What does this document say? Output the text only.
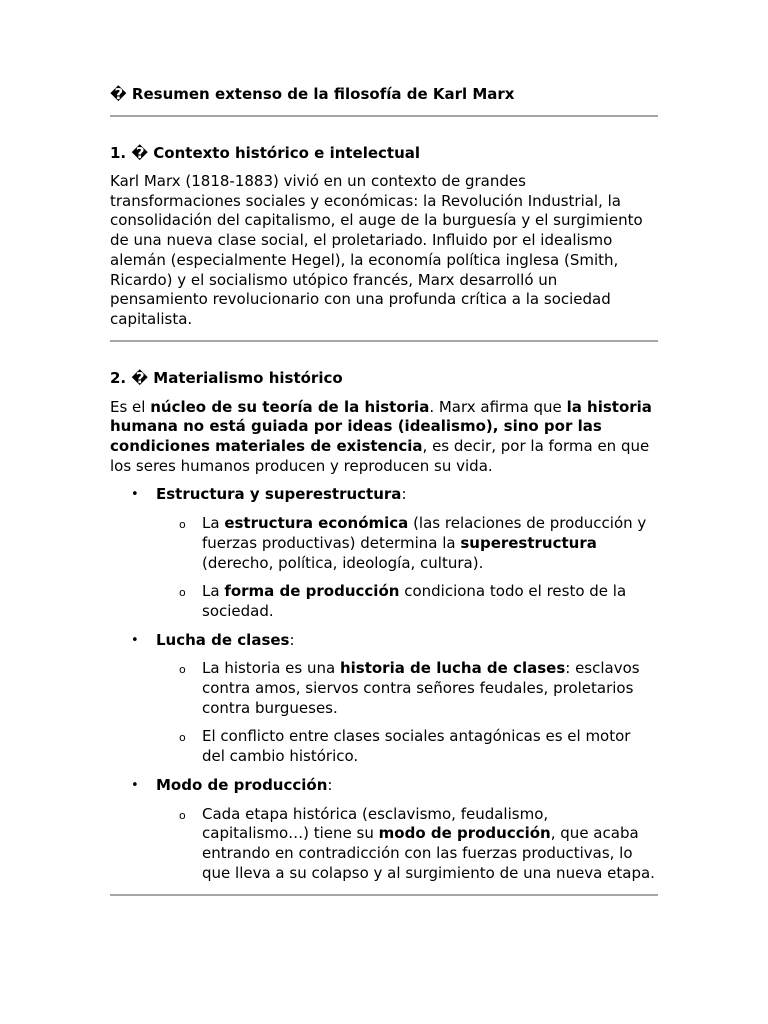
� Resumen extenso de la filosofía de Karl Marx

1. � Contexto histórico e intelectual

Karl Marx (1818-1883) vivió en un contexto de grandes transformaciones sociales y económicas: la Revolución Industrial, la consolidación del capitalismo, el auge de la burguesía y el surgimiento de una nueva clase social, el proletariado. Influido por el idealismo alemán (especialmente Hegel), la economía política inglesa (Smith, Ricardo) y el socialismo utópico francés, Marx desarrolló un pensamiento revolucionario con una profunda crítica a la sociedad capitalista.

2. � Materialismo histórico

Es el núcleo de su teoría de la historia. Marx afirma que la historia humana no está guiada por ideas (idealismo), sino por las condiciones materiales de existencia, es decir, por la forma en que los seres humanos producen y reproducen su vida.

• Estructura y superestructura:
o La estructura económica (las relaciones de producción y fuerzas productivas) determina la superestructura (derecho, política, ideología, cultura).
o La forma de producción condiciona todo el resto de la sociedad.
• Lucha de clases:
o La historia es una historia de lucha de clases: esclavos contra amos, siervos contra señores feudales, proletarios contra burgueses.
o El conflicto entre clases sociales antagónicas es el motor del cambio histórico.
• Modo de producción:
o Cada etapa histórica (esclavismo, feudalismo, capitalismo…) tiene su modo de producción, que acaba entrando en contradicción con las fuerzas productivas, lo que lleva a su colapso y al surgimiento de una nueva etapa.
